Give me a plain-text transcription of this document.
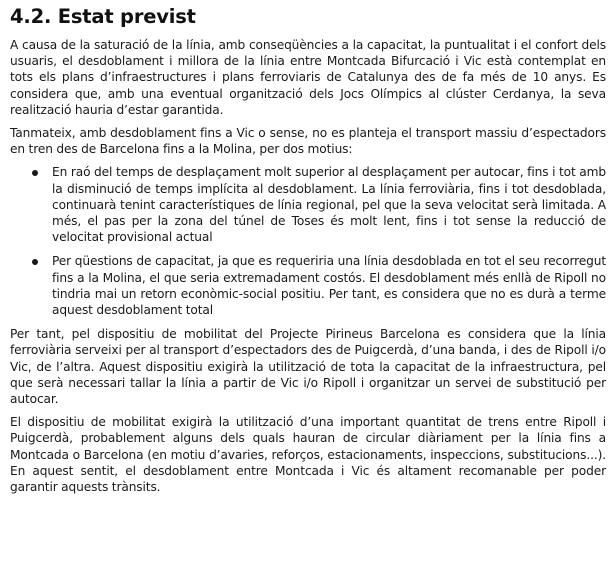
4.2. Estat previst

A causa de la saturació de la línia, amb conseqüències a la capacitat, la puntualitat i el confort dels usuaris, el desdoblament i millora de la línia entre Montcada Bifurcació i Vic està contemplat en tots els plans d’infraestructures i plans ferroviaris de Catalunya des de fa més de 10 anys. Es considera que, amb una eventual organització dels Jocs Olímpics al clúster Cerdanya, la seva realització hauria d’estar garantida.

Tanmateix, amb desdoblament fins a Vic o sense, no es planteja el transport massiu d’espectadors en tren des de Barcelona fins a la Molina, per dos motius:

En raó del temps de desplaçament molt superior al desplaçament per autocar, fins i tot amb la disminució de temps implícita al desdoblament. La línia ferroviària, fins i tot desdoblada, continuarà tenint característiques de línia regional, pel que la seva velocitat serà limitada. A més, el pas per la zona del túnel de Toses és molt lent, fins i tot sense la reducció de velocitat provisional actual
Per qüestions de capacitat, ja que es requeriria una línia desdoblada en tot el seu recorregut fins a la Molina, el que seria extremadament costós. El desdoblament més enllà de Ripoll no tindria mai un retorn econòmic-social positiu. Per tant, es considera que no es durà a terme aquest desdoblament total

Per tant, pel dispositiu de mobilitat del Projecte Pirineus Barcelona es considera que la línia ferroviària serveixi per al transport d’espectadors des de Puigcerdà, d’una banda, i des de Ripoll i/o Vic, de l’altra. Aquest dispositiu exigirà la utilització de tota la capacitat de la infraestructura, pel que serà necessari tallar la línia a partir de Vic i/o Ripoll i organitzar un servei de substitució per autocar.

El dispositiu de mobilitat exigirà la utilització d’una important quantitat de trens entre Ripoll i Puigcerdà, probablement alguns dels quals hauran de circular diàriament per la línia fins a Montcada o Barcelona (en motiu d’avaries, reforços, estacionaments, inspeccions, substitucions...). En aquest sentit, el desdoblament entre Montcada i Vic és altament recomanable per poder garantir aquests trànsits.
